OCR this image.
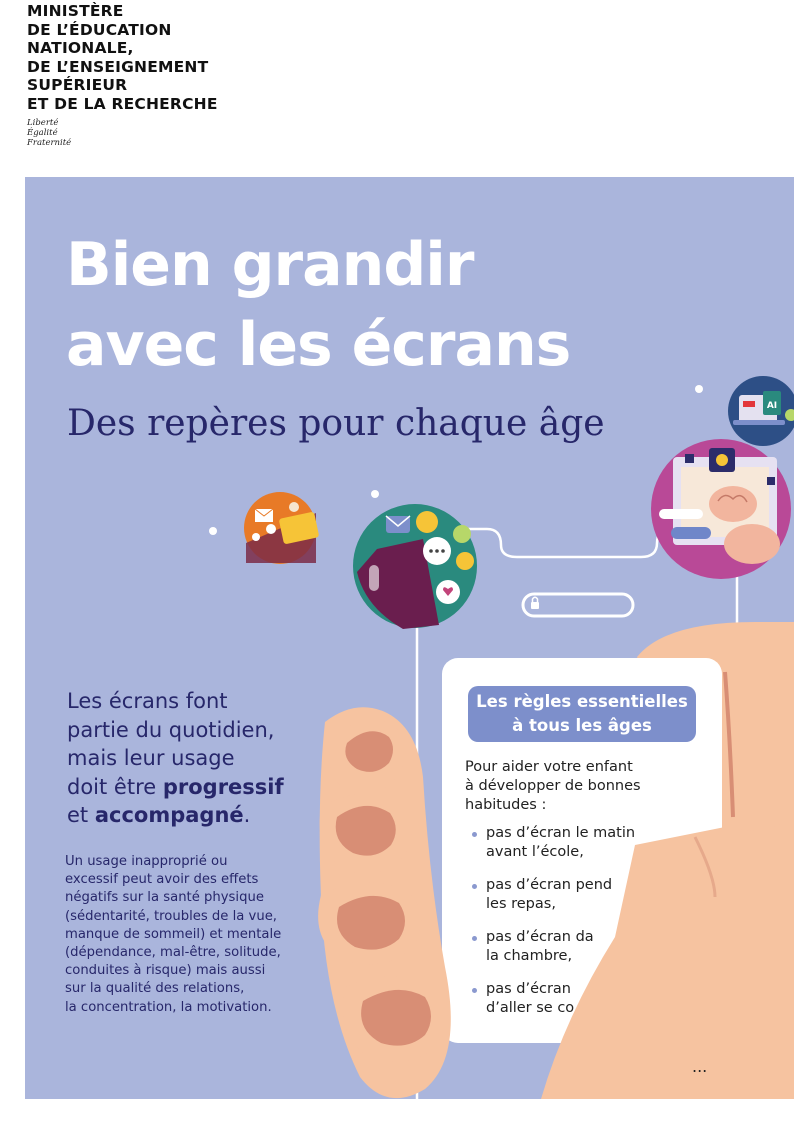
MINISTÈRE
DE L’ÉDUCATION
NATIONALE,
DE L’ENSEIGNEMENT
SUPÉRIEUR
ET DE LA RECHERCHE
Liberté
Égalité
Fraternité
Bien grandir
avec les écrans
Des repères pour chaque âge	AI
Les écrans font
partie du quotidien,
mais leur usage
doit être progressif
et accompagné.
Un usage inapproprié ou
excessif peut avoir des effets
négatifs sur la santé physique
(sédentarité, troubles de la vue,
manque de sommeil) et mentale
(dépendance, mal-être, solitude,
conduites à risque) mais aussi
sur la qualité des relations,
la concentration, la motivation.
Les règles essentielles
à tous les âges
Pour aider votre enfant
à développer de bonnes
habitudes :
pas d’écran le matin
avant l’école,
pas d’écran pend
les repas,
pas d’écran da
la chambre,
pas d’écran
d’aller se co
...
